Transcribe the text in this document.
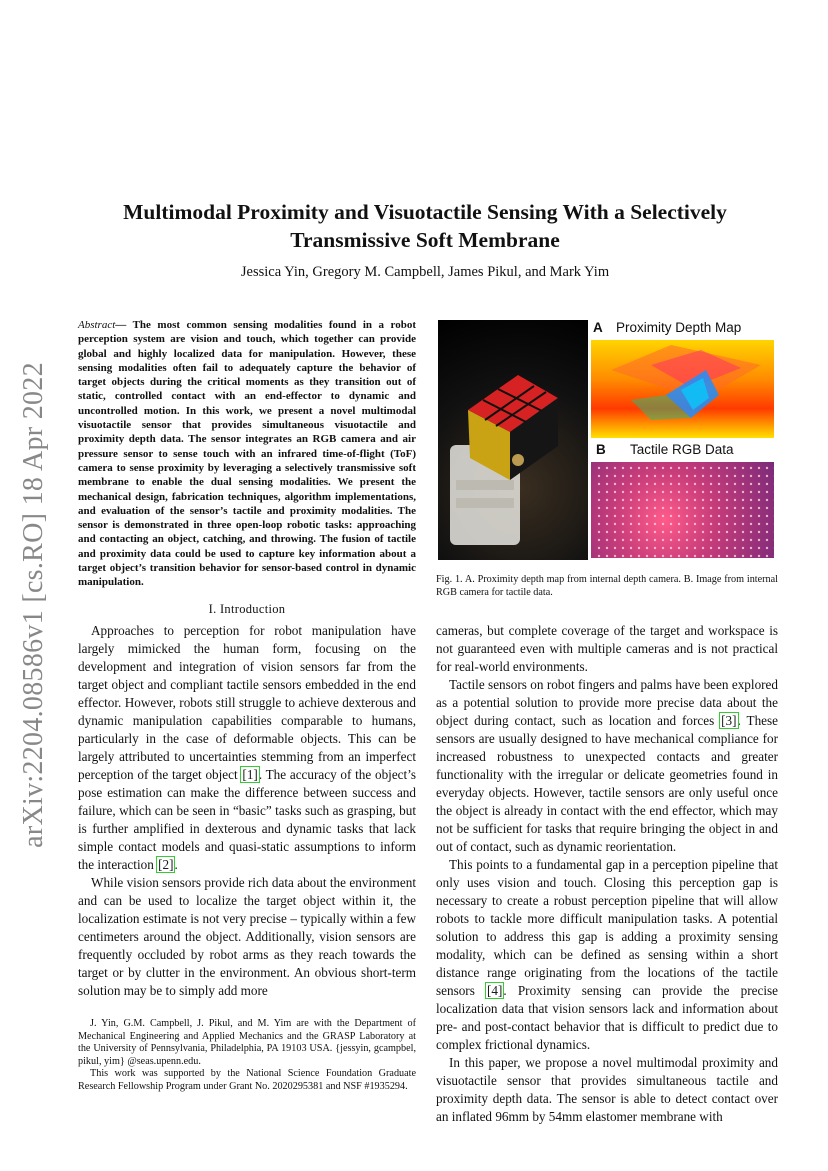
arXiv:2204.08586v1 [cs.RO] 18 Apr 2022
Multimodal Proximity and Visuotactile Sensing With a Selectively Transmissive Soft Membrane
Jessica Yin, Gregory M. Campbell, James Pikul, and Mark Yim

Abstract— The most common sensing modalities found in a robot perception system are vision and touch, which together can provide global and highly localized data for manipulation. However, these sensing modalities often fail to adequately capture the behavior of target objects during the critical moments as they transition out of static, controlled contact with an end-effector to dynamic and uncontrolled motion. In this work, we present a novel multimodal visuotactile sensor that provides simultaneous visuotactile and proximity depth data. The sensor integrates an RGB camera and air pressure sensor to sense touch with an infrared time-of-flight (ToF) camera to sense proximity by leveraging a selectively transmissive soft membrane to enable the dual sensing modalities. We present the mechanical design, fabrication techniques, algorithm implementations, and evaluation of the sensor’s tactile and proximity modalities. The sensor is demonstrated in three open-loop robotic tasks: approaching and contacting an object, catching, and throwing. The fusion of tactile and proximity data could be used to capture key information about a target object’s transition behavior for sensor-based control in dynamic manipulation.

I. Introduction

Approaches to perception for robot manipulation have largely mimicked the human form, focusing on the development and integration of vision sensors far from the target object and compliant tactile sensors embedded in the end effector. However, robots still struggle to achieve dexterous and dynamic manipulation capabilities comparable to humans, particularly in the case of deformable objects. This can be largely attributed to uncertainties stemming from an imperfect perception of the target object [1]. The accuracy of the object’s pose estimation can make the difference between success and failure, which can be seen in “basic” tasks such as grasping, but is further amplified in dexterous and dynamic tasks that lack simple contact models and quasi-static assumptions to inform the interaction [2].

While vision sensors provide rich data about the environment and can be used to localize the target object within it, the localization estimate is not very precise – typically within a few centimeters around the object. Additionally, vision sensors are frequently occluded by robot arms as they reach towards the target or by clutter in the environment. An obvious short-term solution may be to simply add more

J. Yin, G.M. Campbell, J. Pikul, and M. Yim are with the Department of Mechanical Engineering and Applied Mechanics and the GRASP Laboratory at the University of Pennsylvania, Philadelphia, PA 19103 USA. {jessyin, gcampbel, pikul, yim} @seas.upenn.edu.

This work was supported by the National Science Foundation Graduate Research Fellowship Program under Grant No. 2020295381 and NSF #1935294.

A Proximity Depth Map
B Tactile RGB Data
Fig. 1. A. Proximity depth map from internal depth camera. B. Image from internal RGB camera for tactile data.

cameras, but complete coverage of the target and workspace is not guaranteed even with multiple cameras and is not practical for real-world environments.

Tactile sensors on robot fingers and palms have been explored as a potential solution to provide more precise data about the object during contact, such as location and forces [3]. These sensors are usually designed to have mechanical compliance for increased robustness to unexpected contacts and greater functionality with the irregular or delicate geometries found in everyday objects. However, tactile sensors are only useful once the object is already in contact with the end effector, which may not be sufficient for tasks that require bringing the object in and out of contact, such as dynamic reorientation.

This points to a fundamental gap in a perception pipeline that only uses vision and touch. Closing this perception gap is necessary to create a robust perception pipeline that will allow robots to tackle more difficult manipulation tasks. A potential solution to address this gap is adding a proximity sensing modality, which can be defined as sensing within a short distance range originating from the locations of the tactile sensors [4]. Proximity sensing can provide the precise localization data that vision sensors lack and information about pre- and post-contact behavior that is difficult to predict due to complex frictional dynamics.

In this paper, we propose a novel multimodal proximity and visuotactile sensor that provides simultaneous tactile and proximity depth data. The sensor is able to detect contact over an inflated 96mm by 54mm elastomer membrane with
